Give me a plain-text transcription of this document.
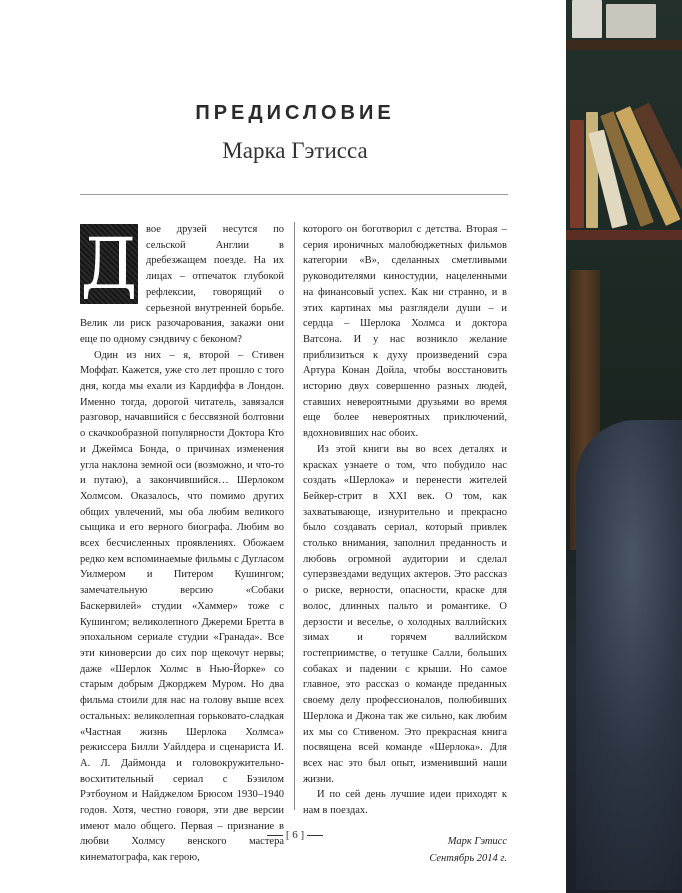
ПРЕДИСЛОВИЕ
Марка Гэтисса
Д вое друзей несутся по сельской Англии в дребезжащем поезде. На их лицах – отпечаток глубокой рефлексии, говорящий о серьезной внутренней борьбе. Велик ли риск разочарования, закажи они еще по одному сэндвичу с беконом?

Один из них – я, второй – Стивен Моффат. Кажется, уже сто лет прошло с того дня, когда мы ехали из Кардиффа в Лондон. Именно тогда, дорогой читатель, завязался разговор, начавшийся с бессвязной болтовни о скачкообразной популярности Доктора Кто и Джеймса Бонда, о причинах изменения угла наклона земной оси (возможно, и что-то и путаю), а закончившийся… Шерлоком Холмсом. Оказалось, что помимо других общих увлечений, мы оба любим великого сыщика и его верного биографа. Любим во всех бесчисленных проявлениях. Обожаем редко кем вспоминаемые фильмы с Дугласом Уилмером и Питером Кушингом; замечательную версию «Собаки Баскервилей» студии «Хаммер» тоже с Кушингом; великолепного Джереми Бретта в эпохальном сериале студии «Гранада». Все эти киноверсии до сих пор щекочут нервы; даже «Шерлок Холмс в Нью-Йорке» со старым добрым Джорджем Муром. Но два фильма стоили для нас на голову выше всех остальных: великолепная горьковато-сладкая «Частная жизнь Шерлока Холмса» режиссера Билли Уайлдера и сценариста И. А. Л. Даймонда и головокружительно-восхитительный сериал с Бэзилом Рэтбоуном и Найджелом Брюсом 1930–1940 годов. Хотя, честно говоря, эти две версии имеют мало общего. Первая – признание в любви Холмсу венского мастера кинематографа, как герою,

которого он боготворил с детства. Вторая – серия ироничных малобюджетных фильмов категории «B», сделанных сметливыми руководителями киностудии, нацеленными на финансовый успех. Как ни странно, и в этих картинах мы разглядели души – и сердца – Шерлока Холмса и доктора Ватсона. И у нас возникло желание приблизиться к духу произведений сэра Артура Конан Дойла, чтобы восстановить историю двух совершенно разных людей, ставших невероятными друзьями во время еще более невероятных приключений, вдохновивших нас обоих.

Из этой книги вы во всех деталях и красках узнаете о том, что побудило нас создать «Шерлока» и перенести жителей Бейкер-стрит в XXI век. О том, как захватывающе, изнурительно и прекрасно было создавать сериал, который привлек столько внимания, заполнил преданность и любовь огромной аудитории и сделал суперзвездами ведущих актеров. Это рассказ о риске, верности, опасности, краске для волос, длинных пальто и романтике. О дерзости и веселье, о холодных валлийских зимах и горячем валлийском гостеприимстве, о тетушке Салли, больших собаках и падении с крыши. Но самое главное, это рассказ о команде преданных своему делу профессионалов, полюбивших Шерлока и Джона так же сильно, как любим их мы со Стивеном. Это прекрасная книга посвящена всей команде «Шерлока». Для всех нас это был опыт, изменивший наши жизни.

И по сей день лучшие идеи приходят к нам в поездах.

Марк Гэтисс
Сентябрь 2014 г.
[ 6 ]
